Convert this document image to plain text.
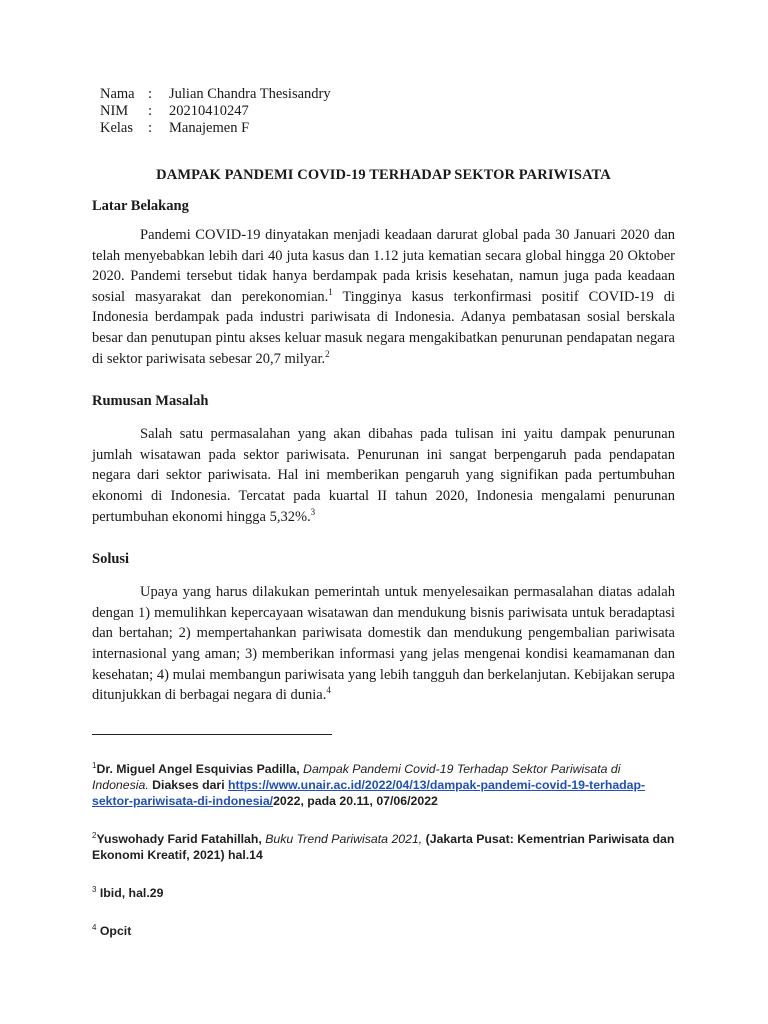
Nama :	Julian Chandra Thesisandry
NIM	:	20210410247
Kelas	:	Manajemen F
DAMPAK PANDEMI COVID-19 TERHADAP SEKTOR PARIWISATA
Latar Belakang

Pandemi COVID-19 dinyatakan menjadi keadaan darurat global pada 30 Januari 2020 dan telah menyebabkan lebih dari 40 juta kasus dan 1.12 juta kematian secara global hingga 20 Oktober 2020. Pandemi tersebut tidak hanya berdampak pada krisis kesehatan, namun juga pada keadaan sosial masyarakat dan perekonomian.$^1$ Tingginya kasus terkonfirmasi positif COVID-19 di Indonesia berdampak pada industri pariwisata di Indonesia. Adanya pembatasan sosial berskala besar dan penutupan pintu akses keluar masuk negara mengakibatkan penurunan pendapatan negara di sektor pariwisata sebesar 20,7 milyar.$^2$

Rumusan Masalah

Salah satu permasalahan yang akan dibahas pada tulisan ini yaitu dampak penurunan jumlah wisatawan pada sektor pariwisata. Penurunan ini sangat berpengaruh pada pendapatan negara dari sektor pariwisata. Hal ini memberikan pengaruh yang signifikan pada pertumbuhan ekonomi di Indonesia. Tercatat pada kuartal II tahun 2020, Indonesia mengalami penurunan pertumbuhan ekonomi hingga 5,32%.$^3$

Solusi

Upaya yang harus dilakukan pemerintah untuk menyelesaikan permasalahan diatas adalah dengan 1) memulihkan kepercayaan wisatawan dan mendukung bisnis pariwisata untuk beradaptasi dan bertahan; 2) mempertahankan pariwisata domestik dan mendukung pengembalian pariwisata internasional yang aman; 3) memberikan informasi yang jelas mengenai kondisi keamamanan dan kesehatan; 4) mulai membangun pariwisata yang lebih tangguh dan berkelanjutan. Kebijakan serupa ditunjukkan di berbagai negara di dunia.$^4$

$^1$Dr. Miguel Angel Esquivias Padilla, Dampak Pandemi Covid-19 Terhadap Sektor Pariwisata di Indonesia. Diakses dari https://www.unair.ac.id/2022/04/13/dampak-pandemi-covid-19-terhadap-sektor-pariwisata-di-indonesia/2022, pada 20.11, 07/06/2022
$^2$Yuswohady Farid Fatahillah, Buku Trend Pariwisata 2021, (Jakarta Pusat: Kementrian Pariwisata dan Ekonomi Kreatif, 2021) hal.14
$^3$ Ibid, hal.29
$^4$ Opcit
